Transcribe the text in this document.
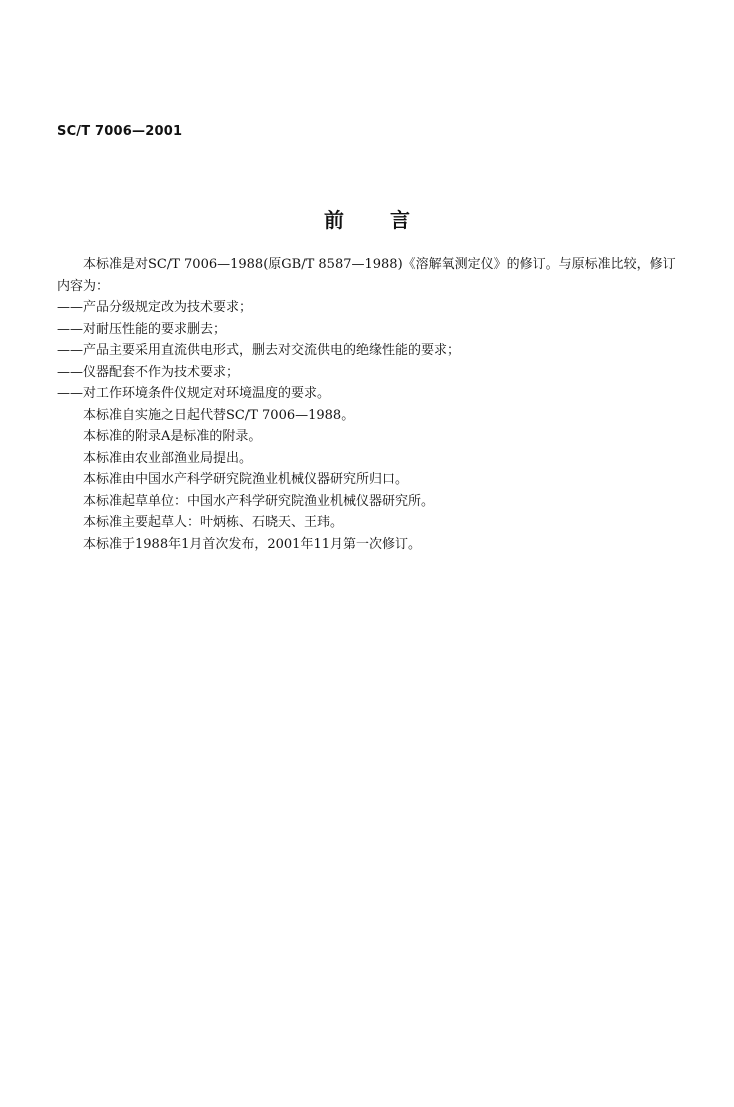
SC/T 7006—2001
前言

本标准是对SC/T 7006—1988(原GB/T 8587—1988)《溶解氧测定仪》的修订。与原标准比较，修订内容为：

——产品分级规定改为技术要求；

——对耐压性能的要求删去；

——产品主要采用直流供电形式，删去对交流供电的绝缘性能的要求；

——仪器配套不作为技术要求；

——对工作环境条件仪规定对环境温度的要求。

本标准自实施之日起代替SC/T 7006—1988。

本标准的附录A是标准的附录。

本标准由农业部渔业局提出。

本标准由中国水产科学研究院渔业机械仪器研究所归口。

本标准起草单位：中国水产科学研究院渔业机械仪器研究所。

本标准主要起草人：叶炳栋、石晓天、王玮。

本标准于1988年1月首次发布，2001年11月第一次修订。
